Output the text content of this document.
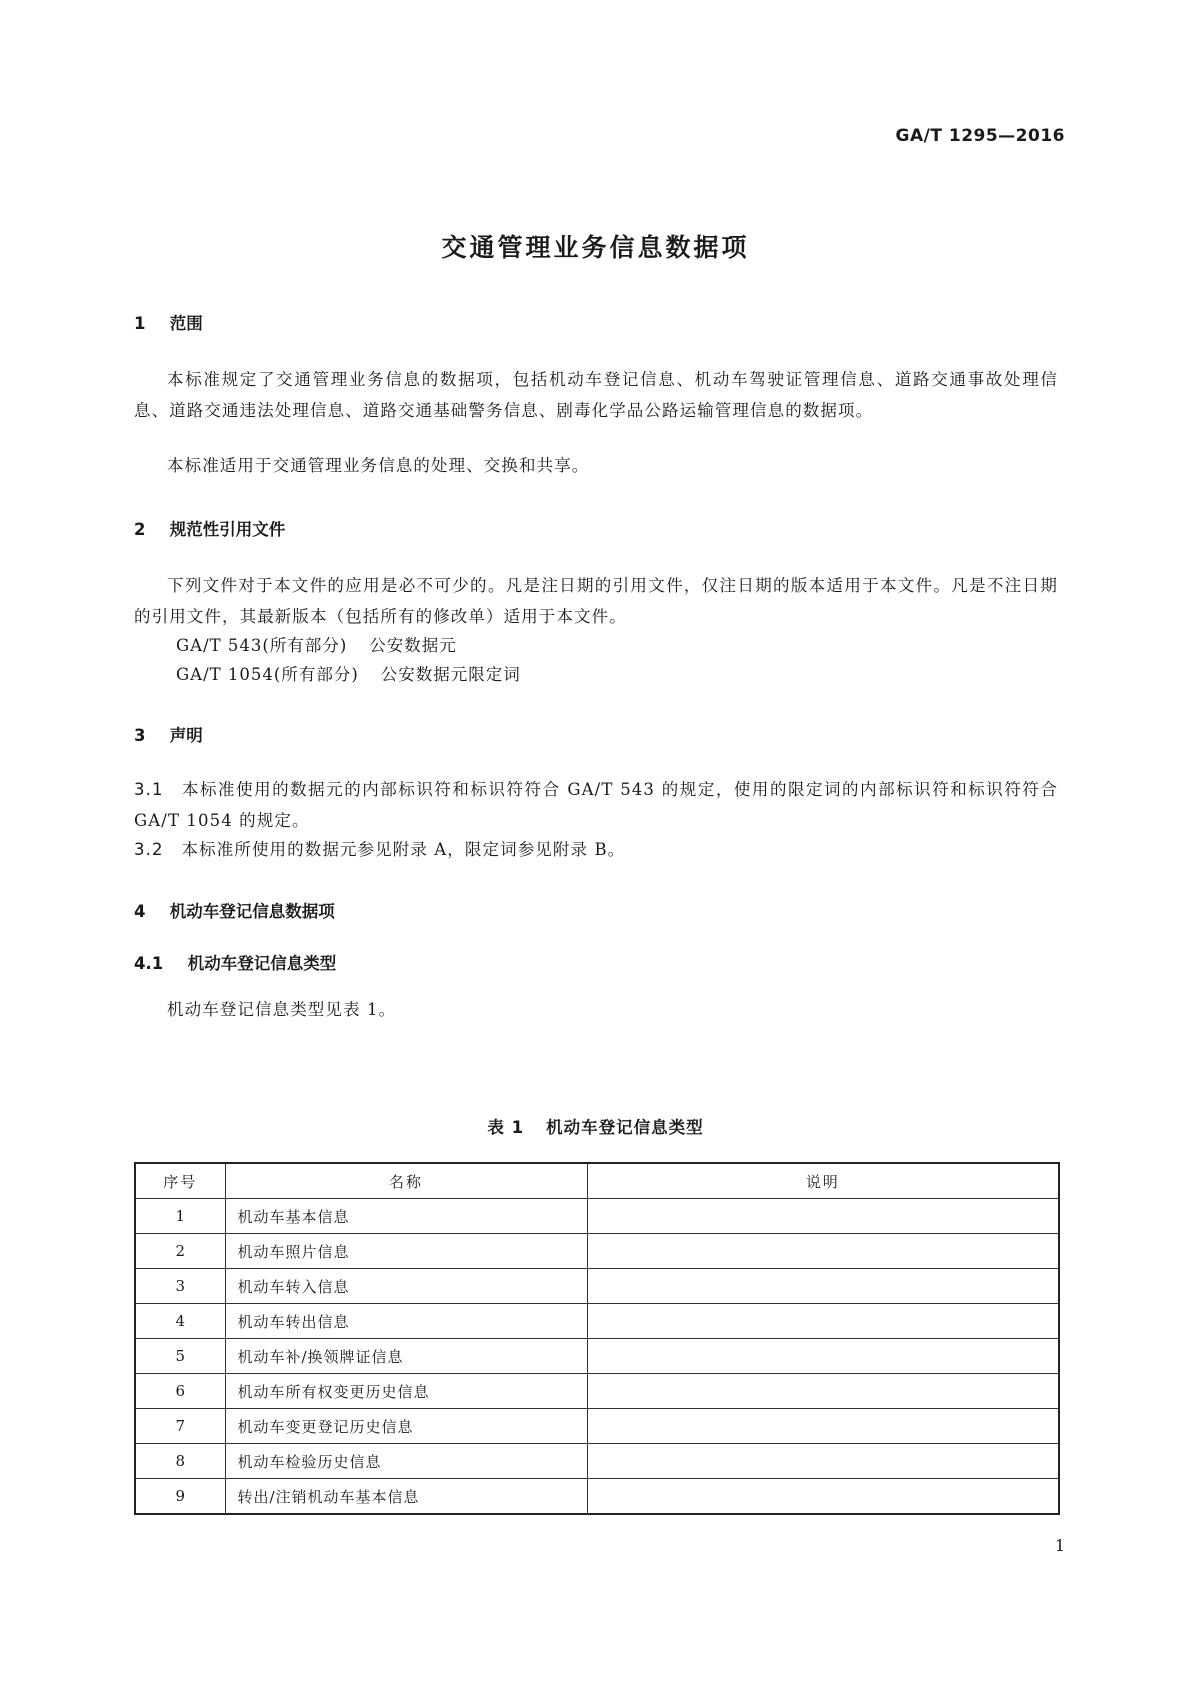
GA/T 1295—2016
交通管理业务信息数据项
1 范围
本标准规定了交通管理业务信息的数据项，包括机动车登记信息、机动车驾驶证管理信息、道路交通事故处理信息、道路交通违法处理信息、道路交通基础警务信息、剧毒化学品公路运输管理信息的数据项。
本标准适用于交通管理业务信息的处理、交换和共享。
2 规范性引用文件
下列文件对于本文件的应用是必不可少的。凡是注日期的引用文件，仅注日期的版本适用于本文件。凡是不注日期的引用文件，其最新版本（包括所有的修改单）适用于本文件。
GA/T 543(所有部分) 公安数据元
GA/T 1054(所有部分) 公安数据元限定词
3 声明
3.1 本标准使用的数据元的内部标识符和标识符符合 GA/T 543 的规定，使用的限定词的内部标识符和标识符符合 GA/T 1054 的规定。
3.2 本标准所使用的数据元参见附录 A，限定词参见附录 B。
4 机动车登记信息数据项
4.1 机动车登记信息类型
机动车登记信息类型见表 1。
表 1 机动车登记信息类型
序号	名称	说明
1	机动车基本信息	
2	机动车照片信息	
3	机动车转入信息	
4	机动车转出信息	
5	机动车补/换领牌证信息	
6	机动车所有权变更历史信息	
7	机动车变更登记历史信息	
8	机动车检验历史信息	
9	转出/注销机动车基本信息	
1
